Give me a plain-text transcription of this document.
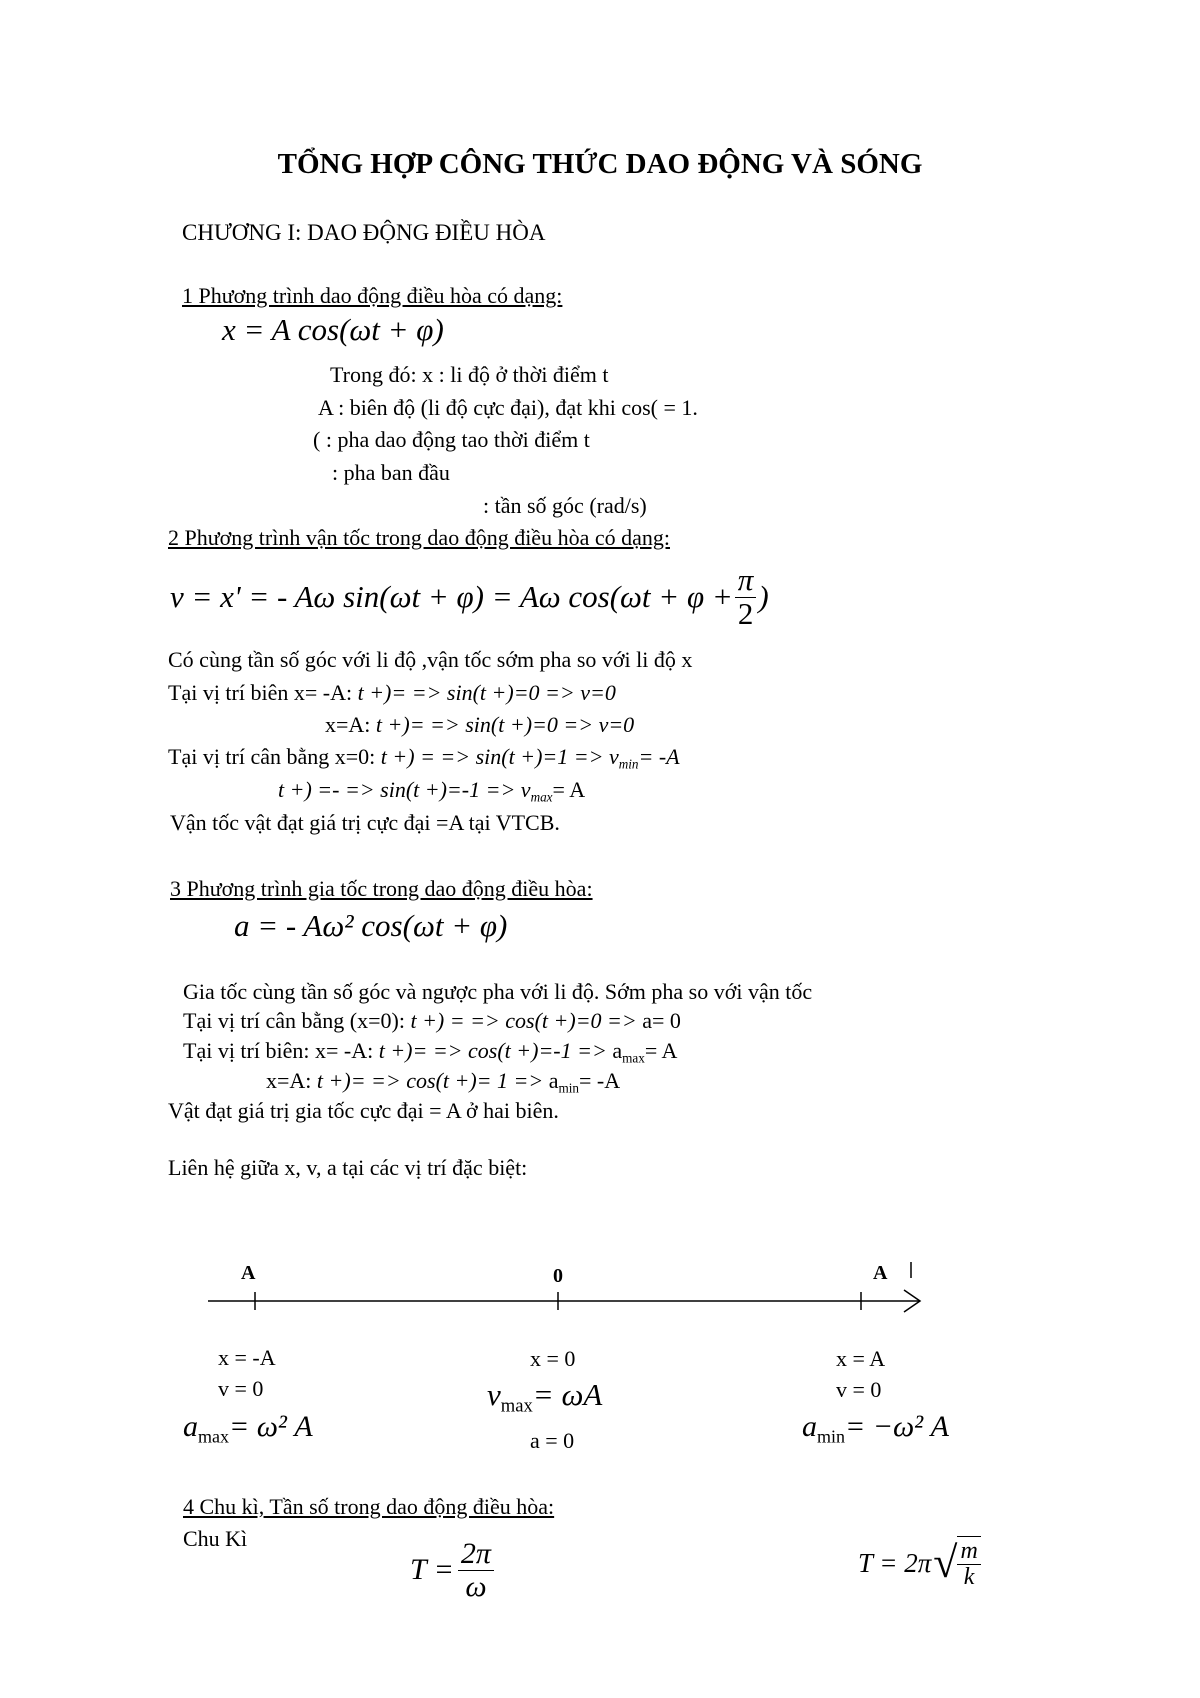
TỔNG HỢP CÔNG THỨC DAO ĐỘNG VÀ SÓNG
CHƯƠNG I: DAO ĐỘNG ĐIỀU HÒA
1 Phương trình dao động điều hòa có dạng:
x = A cos(ωt + φ)
Trong đó: x : li độ ở thời điểm t
A : biên độ (li độ cực đại), đạt khi cos( = 1.
( : pha dao động tao thời điểm t
: pha ban đầu
: tần số góc (rad/s)
2 Phương trình vận tốc trong dao động điều hòa có dạng:
v = x' = - Aω sin(ωt + φ) = Aω $\cos(\omega t + \varphi + \frac{\pi}{2}$ )
Có cùng tần số góc với li độ ,vận tốc sớm pha so với li độ x
Tại vị trí biên x= -A: t +)= => sin(t +)=0 => v=0
x=A: t +)= => sin(t +)=0 => v=0
Tại vị trí cân bằng x=0: t +) = => $\sin(t +)=1 => v_{min}= -A$
t +) =- => $\sin(t +)=-1 => v_{max}= A$
Vận tốc vật đạt giá trị cực đại =A tại VTCB.
3 Phương trình gia tốc trong dao động điều hòa:
a = - Aω² cos(ωt + φ)
Gia tốc cùng tần số góc và ngược pha với li độ. Sớm pha so với vận tốc
Tại vị trí cân bằng (x=0): t +) = => cos(t +)=0 => a= 0
Tại vị trí biên: x= -A: t +)= => $\cos(t +)=-1 => a_{max}= A$
x=A: t +)= => cos(t +)= $1 => a_{min}= -A$
Vật đạt giá trị gia tốc cực đại = A ở hai biên.
Liên hệ giữa x, v, a tại các vị trí đặc biệt:
A	0	A
x = -A
v = 0
$a_{max}= \omega^2$ A
x = 0
$v_{max}= \omega A$
a = 0
x = A
v = 0
$a_{min}= -\omega^2$ A
4 Chu kì, Tần số trong dao động điều hòa:
Chu Kì
$T = \frac{2\pi}{\omega}$	T = 2π √ $\frac{m}{k}$
